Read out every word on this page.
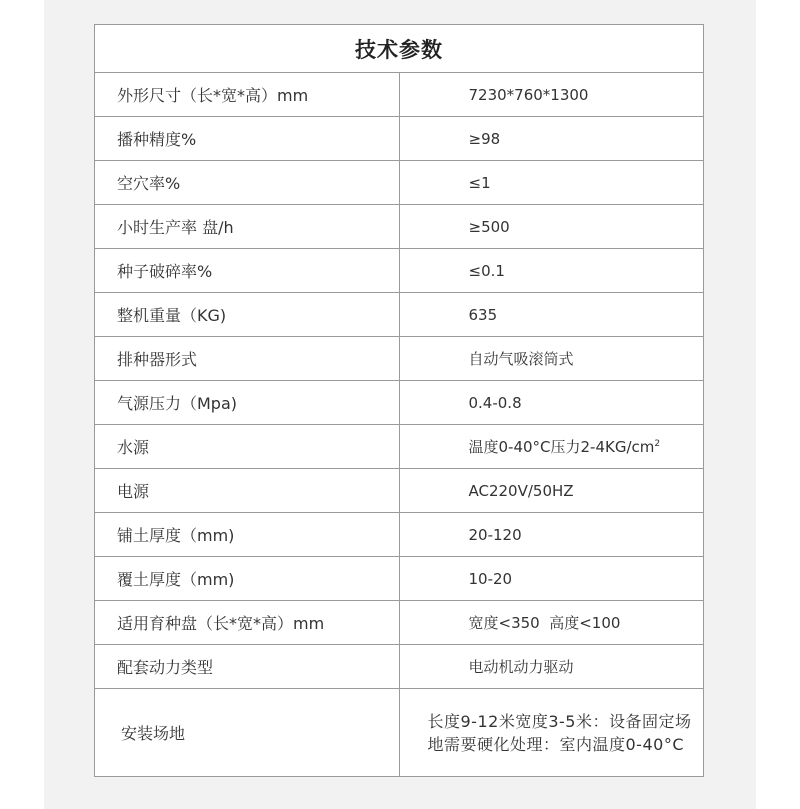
技术参数	
外形尺寸（长*宽*高）mm	7230*760*1300
播种精度%	≥98
空穴率%	≤1
小时生产率 盘/h	≥500
种子破碎率%	≤0.1
整机重量（KG)	635
排种器形式	自动气吸滚筒式
气源压力（Mpa)	0.4-0.8
水源	温度0-40°C压力$2-4KG/cm^2$
电源	AC220V/50HZ
铺土厚度（mm)	20-120
覆土厚度（mm)	10-20
适用育种盘（长*宽*高）mm	宽度<350  高度<100
配套动力类型	电动机动力驱动
安装场地	长度9-12米宽度3-5米：设备固定场地需要硬化处理：室内温度0-40°C
